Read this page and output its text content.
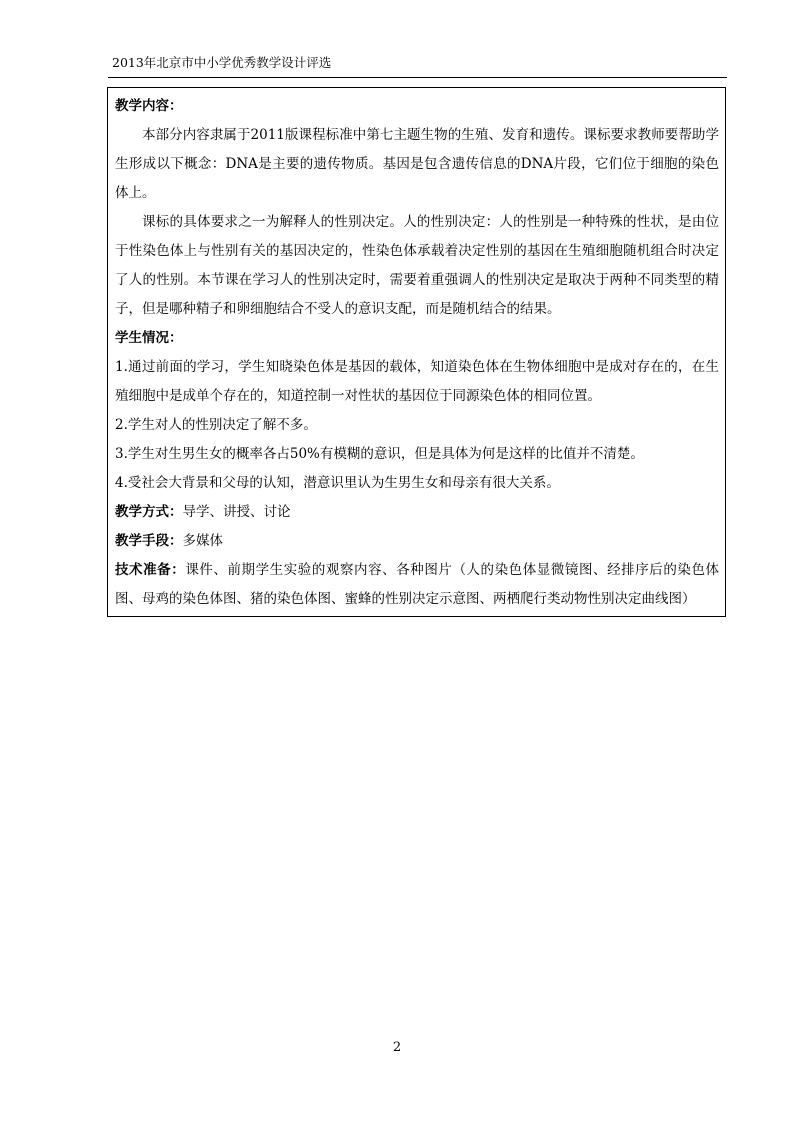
2013年北京市中小学优秀教学设计评选

教学内容：

本部分内容隶属于2011版课程标准中第七主题生物的生殖、发育和遗传。课标要求教师要帮助学生形成以下概念：DNA是主要的遗传物质。基因是包含遗传信息的DNA片段，它们位于细胞的染色体上。

课标的具体要求之一为解释人的性别决定。人的性别决定：人的性别是一种特殊的性状，是由位于性染色体上与性别有关的基因决定的，性染色体承载着决定性别的基因在生殖细胞随机组合时决定了人的性别。本节课在学习人的性别决定时，需要着重强调人的性别决定是取决于两种不同类型的精子，但是哪种精子和卵细胞结合不受人的意识支配，而是随机结合的结果。

学生情况：

1.通过前面的学习，学生知晓染色体是基因的载体，知道染色体在生物体细胞中是成对存在的，在生殖细胞中是成单个存在的，知道控制一对性状的基因位于同源染色体的相同位置。

2.学生对人的性别决定了解不多。

3.学生对生男生女的概率各占50%有模糊的意识，但是具体为何是这样的比值并不清楚。

4.受社会大背景和父母的认知，潜意识里认为生男生女和母亲有很大关系。

教学方式：导学、讲授、讨论

教学手段：多媒体

技术准备：课件、前期学生实验的观察内容、各种图片（人的染色体显微镜图、经排序后的染色体图、母鸡的染色体图、猪的染色体图、蜜蜂的性别决定示意图、两栖爬行类动物性别决定曲线图）

2
